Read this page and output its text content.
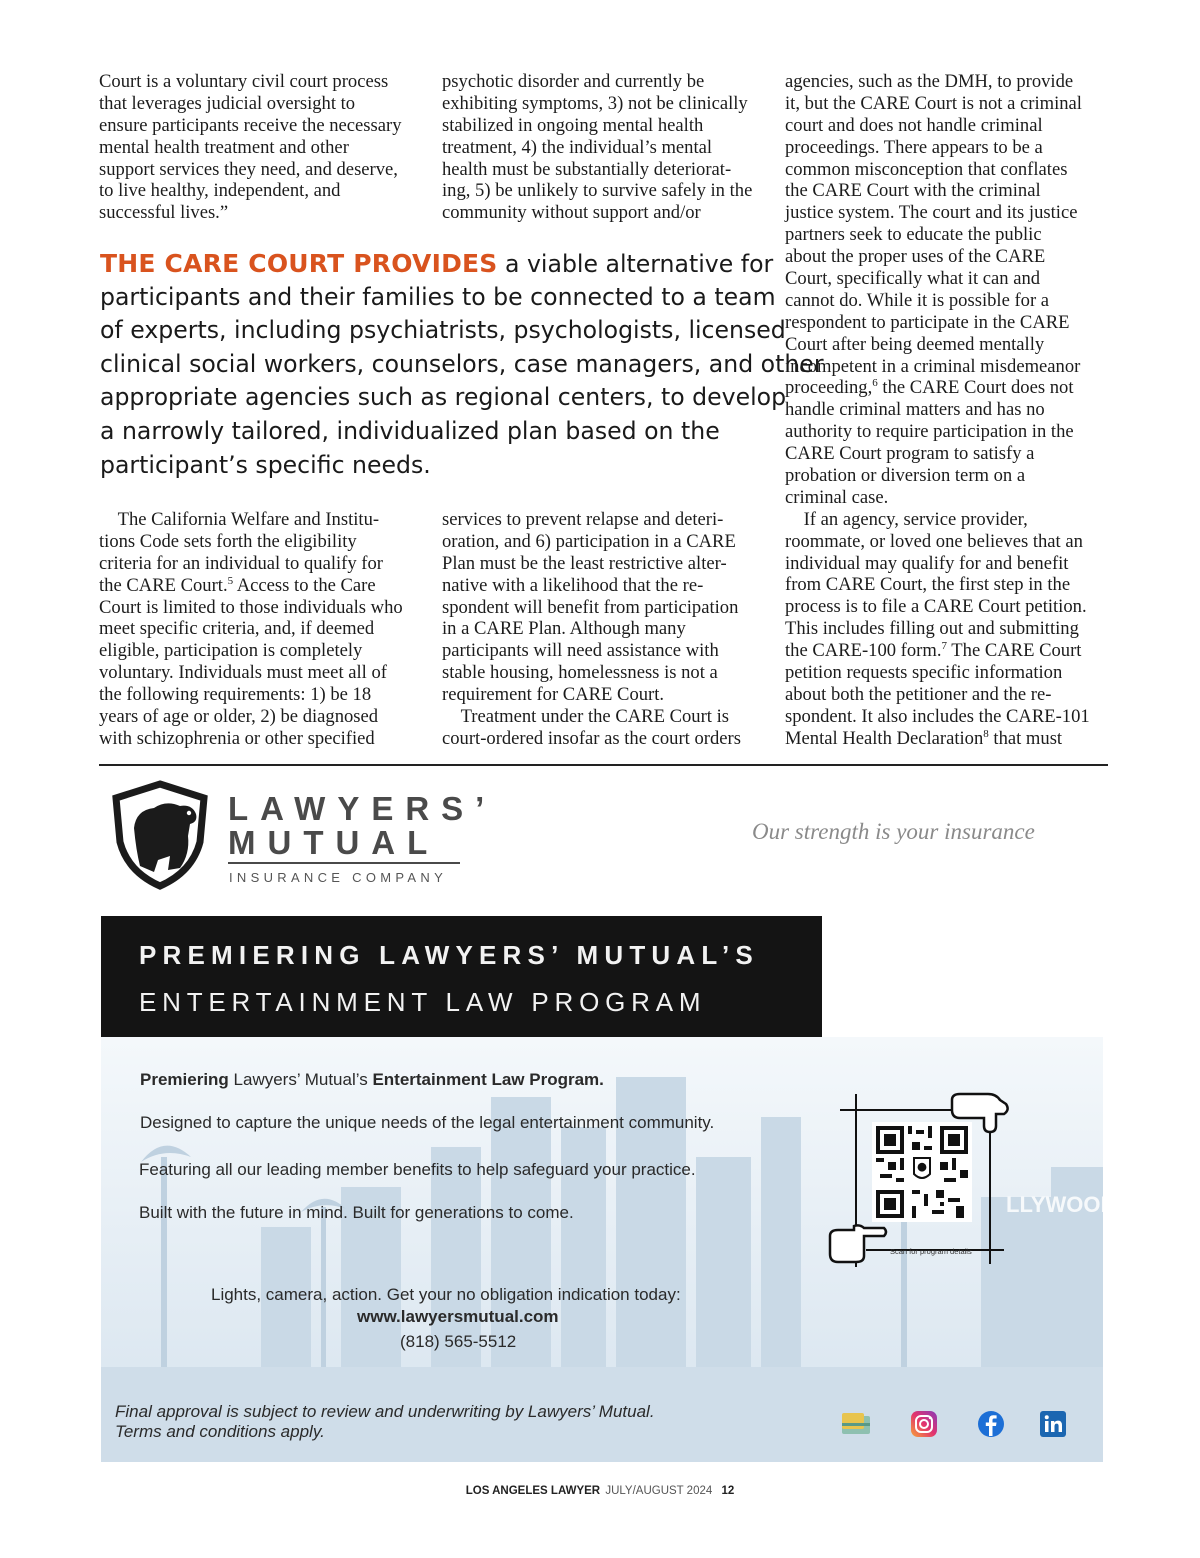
Court is a voluntary civil court process
that leverages judicial oversight to
ensure participants receive the necessary
mental health treatment and other
support services they need, and deserve,
to live healthy, independent, and
successful lives.”
psychotic disorder and currently be
exhibiting symptoms, 3) not be clinically
stabilized in ongoing mental health
treatment, 4) the individual’s mental
health must be substantially deteriorat-
ing, 5) be unlikely to survive safely in the
community without support and/or
agencies, such as the DMH, to provide
it, but the CARE Court is not a criminal
court and does not handle criminal
proceedings. There appears to be a
common misconception that conflates
the CARE Court with the criminal
justice system. The court and its justice
partners seek to educate the public
about the proper uses of the CARE
Court, specifically what it can and
cannot do. While it is possible for a
respondent to participate in the CARE
Court after being deemed mentally
incompetent in a criminal misdemeanor
proceeding,$^6$ the CARE Court does not
handle criminal matters and has no
authority to require participation in the
CARE Court program to satisfy a
probation or diversion term on a
criminal case.
 If an agency, service provider,
roommate, or loved one believes that an
individual may qualify for and benefit
from CARE Court, the first step in the
process is to file a CARE Court petition.
This includes filling out and submitting
the CARE-100 form.$^7$ The CARE Court
petition requests specific information
about both the petitioner and the re-
spondent. It also includes the CARE-101
Mental Health Declaration$^8$ that must
THE CARE COURT PROVIDES a viable alternative for
participants and their families to be connected to a team
of experts, including psychiatrists, psychologists, licensed
clinical social workers, counselors, case managers, and other
appropriate agencies such as regional centers, to develop
a narrowly tailored, individualized plan based on the
participant’s specific needs.
 The California Welfare and Institu-
tions Code sets forth the eligibility
criteria for an individual to qualify for
the CARE Court.$^5$ Access to the Care
Court is limited to those individuals who
meet specific criteria, and, if deemed
eligible, participation is completely
voluntary. Individuals must meet all of
the following requirements: 1) be 18
years of age or older, 2) be diagnosed
with schizophrenia or other specified
services to prevent relapse and deteri-
oration, and 6) participation in a CARE
Plan must be the least restrictive alter-
native with a likelihood that the re-
spondent will benefit from participation
in a CARE Plan. Although many
participants will need assistance with
stable housing, homelessness is not a
requirement for CARE Court.
 Treatment under the CARE Court is
court-ordered insofar as the court orders
LAWYERS’
MUTUAL
INSURANCE COMPANY
Our strength is your insurance
PREMIERING LAWYERS’ MUTUAL’S
ENTERTAINMENT LAW PROGRAM
LLYWOOD
Premiering Lawyers’ Mutual’s Entertainment Law Program.
Designed to capture the unique needs of the legal entertainment community.
Featuring all our leading member benefits to help safeguard your practice.
Built with the future in mind. Built for generations to come.
Lights, camera, action. Get your no obligation indication today:
www.lawyersmutual.com
(818) 565-5512
Scan for program details
Final approval is subject to review and underwriting by Lawyers’ Mutual.
Terms and conditions apply.
LOS ANGELES LAWYER JULY/AUGUST 2024 12
